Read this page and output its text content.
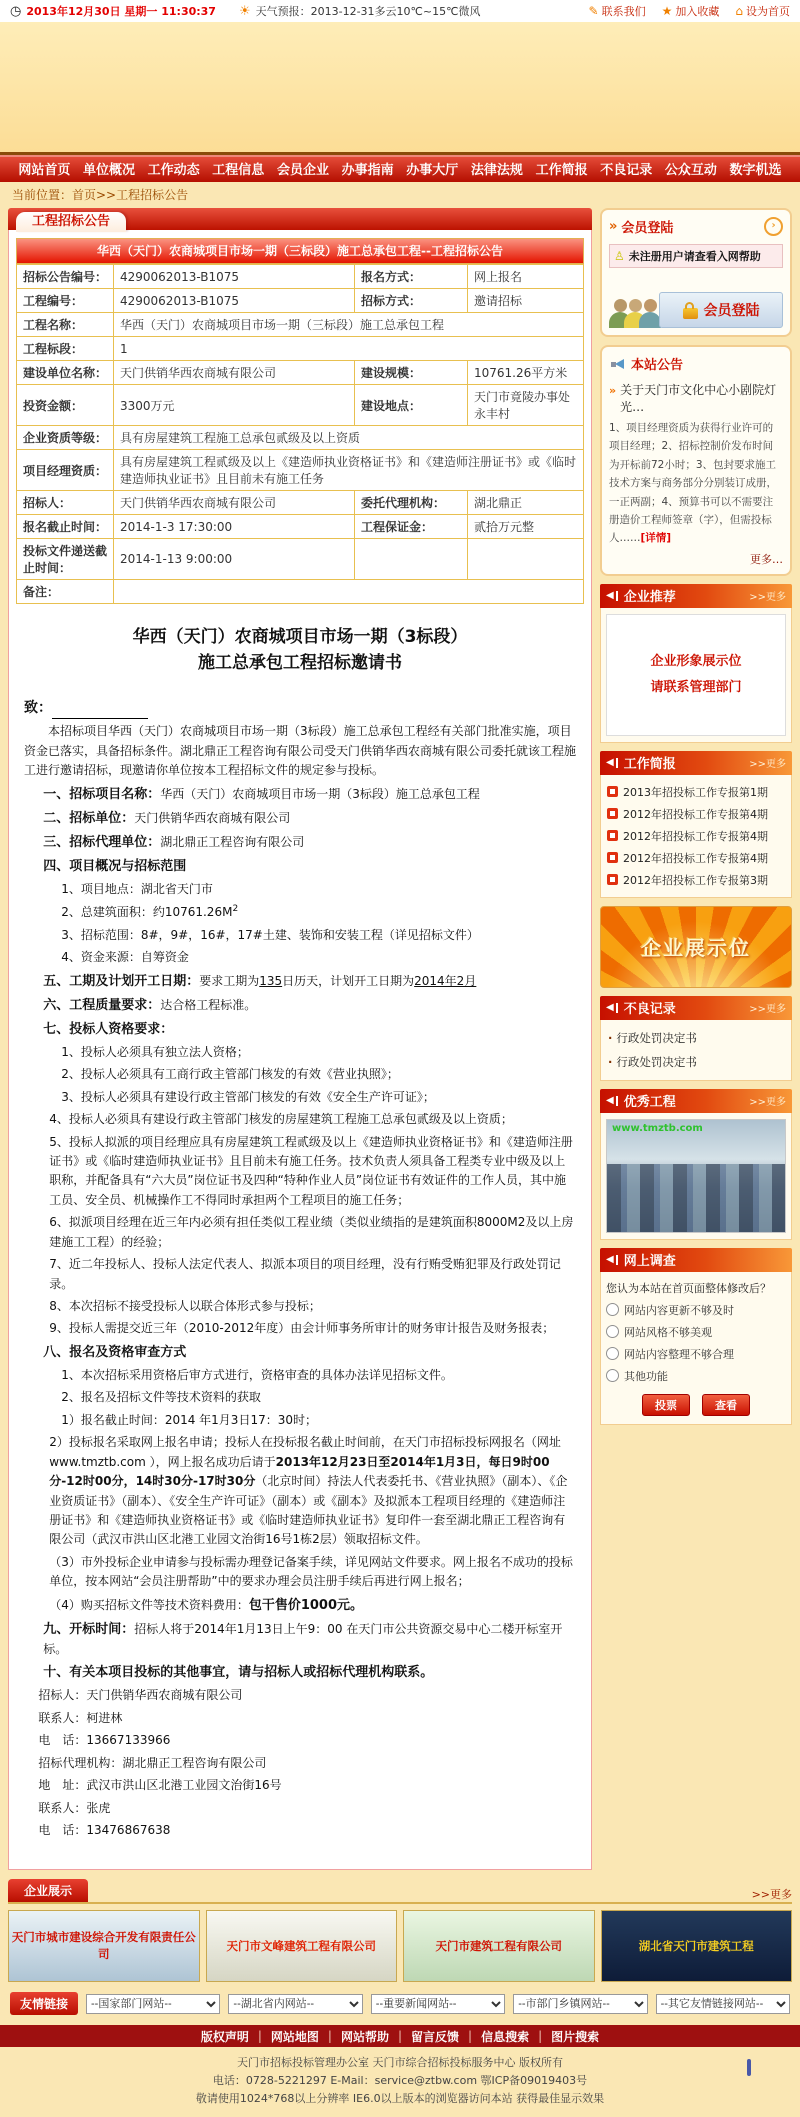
◷ 2013年12月30日 星期一 11:30:37 ☀ 天气预报：2013-12-31多云10℃~15℃微风	✎ 联系我们 ★ 加入收藏 ⌂ 设为首页
网站首页 单位概况 工作动态 工程信息 会员企业 办事指南 办事大厅 法律法规 工作简报 不良记录 公众互动 数字机选
当前位置：首页>>工程招标公告
工程招标公告
华西（天门）农商城项目市场一期（三标段）施工总承包工程--工程招标公告
招标公告编号：	4290062013-B1075	报名方式：	网上报名
工程编号：	4290062013-B1075	招标方式：	邀请招标
工程名称：	华西（天门）农商城项目市场一期（三标段）施工总承包工程		
工程标段：	1		
建设单位名称：	天门供销华西农商城有限公司	建设规模：	10761.26平方米
投资金额：	3300万元	建设地点：	天门市竟陵办事处永丰村
企业资质等级：	具有房屋建筑工程施工总承包贰级及以上资质		
项目经理资质：	具有房屋建筑工程贰级及以上《建造师执业资格证书》和《建造师注册证书》或《临时建造师执业证书》且目前未有施工任务		
招标人：	天门供销华西农商城有限公司	委托代理机构：	湖北鼎正
报名截止时间：	2014-1-3 17:30:00	工程保证金：	贰拾万元整
投标文件递送截止时间：	2014-1-13 9:00:00		
备注：			
华西（天门）农商城项目市场一期（3标段）
施工总承包工程招标邀请书

致：

本招标项目华西（天门）农商城项目市场一期（3标段）施工总承包工程经有关部门批准实施，项目资金已落实，具备招标条件。湖北鼎正工程咨询有限公司受天门供销华西农商城有限公司委托就该工程施工进行邀请招标，现邀请你单位按本工程招标文件的规定参与投标。

一、招标项目名称：华西（天门）农商城项目市场一期（3标段）施工总承包工程

二、招标单位：天门供销华西农商城有限公司

三、招标代理单位：湖北鼎正工程咨询有限公司

四、项目概况与招标范围

1、项目地点：湖北省天门市

2、总建筑面积：约$10761.26M^2$

3、招标范围：8#，9#，16#，17#土建、装饰和安装工程（详见招标文件）

4、资金来源：自筹资金

五、工期及计划开工日期：要求工期为135日历天，计划开工日期为2014年2月

六、工程质量要求：达合格工程标准。

七、投标人资格要求：

1、投标人必须具有独立法人资格；

2、投标人必须具有工商行政主管部门核发的有效《营业执照》；

3、投标人必须具有建设行政主管部门核发的有效《安全生产许可证》；

4、投标人必须具有建设行政主管部门核发的房屋建筑工程施工总承包贰级及以上资质；

5、投标人拟派的项目经理应具有房屋建筑工程贰级及以上《建造师执业资格证书》和《建造师注册证书》或《临时建造师执业证书》且目前未有施工任务。技术负责人须具备工程类专业中级及以上职称，并配备具有“六大员”岗位证书及四种“特种作业人员”岗位证书有效证件的工作人员，其中施工员、安全员、机械操作工不得同时承担两个工程项目的施工任务；

6、拟派项目经理在近三年内必须有担任类似工程业绩（类似业绩指的是建筑面积8000M2及以上房建施工工程）的经验；

7、近二年投标人、投标人法定代表人、拟派本项目的项目经理，没有行贿受贿犯罪及行政处罚记录。

8、本次招标不接受投标人以联合体形式参与投标；

9、投标人需提交近三年（2010-2012年度）由会计师事务所审计的财务审计报告及财务报表；

八、报名及资格审查方式

1、本次招标采用资格后审方式进行，资格审查的具体办法详见招标文件。

2、报名及招标文件等技术资料的获取

1）报名截止时间：2014 年1月3日17：30时；

2）投标报名采取网上报名申请；投标人在投标报名截止时间前，在天门市招标投标网报名（网址 www.tmztb.com ），网上报名成功后请于2013年12月23日至2014年1月3日，每日9时00分-12时00分，14时30分-17时30分（北京时间）持法人代表委托书、《营业执照》（副本）、《企业资质证书》（副本）、《安全生产许可证》（副本）或《副本》及拟派本工程项目经理的《建造师注册证书》和《建造师执业资格证书》或《临时建造师执业证书》复印件一套至湖北鼎正工程咨询有限公司（武汉市洪山区北港工业园文治街16号1栋2层）领取招标文件。

（3）市外投标企业申请参与投标需办理登记备案手续，详见网站文件要求。网上报名不成功的投标单位，按本网站“会员注册帮助”中的要求办理会员注册手续后再进行网上报名；

（4）购买招标文件等技术资料费用：包干售价1000元。

九、开标时间：招标人将于2014年1月13日上午9：00 在天门市公共资源交易中心二楼开标室开标。

十、有关本项目投标的其他事宜，请与招标人或招标代理机构联系。

招标人：天门供销华西农商城有限公司

联系人：柯进林

电　话：13667133966

招标代理机构：湖北鼎正工程咨询有限公司

地　址：武汉市洪山区北港工业园文治街16号

联系人：张虎

电　话：13476867638

» 会员登陆	›
♙ 未注册用户请查看入网帮助
会员登陆
本站公告
» 关于天门市文化中心小剧院灯光…
1、项目经理资质为获得行业许可的项目经理；2、招标控制价发布时间为开标前72小时；3、包封要求施工技术方案与商务部分分别装订成册，一正两副；4、预算书可以不需要注册造价工程师签章（字），但需投标人……[详情]
更多…
◀ 企业推荐	>>更多
企业形象展示位
请联系管理部门
◀ 工作简报	>>更多
2013年招投标工作专报第1期
2012年招投标工作专报第4期
2012年招投标工作专报第4期
2012年招投标工作专报第4期
2012年招投标工作专报第3期
企业展示位
◀ 不良记录	>>更多
· 行政处罚决定书
· 行政处罚决定书
◀ 优秀工程	>>更多
www.tmztb.com
◀ 网上调查
您认为本站在首页面整体修改后？
网站内容更新不够及时
网站风格不够美观
网站内容整理不够合理
其他功能
投票	查看
企业展示	>>更多
天门市城市建设综合开发有限责任公司
天门市文峰建筑工程有限公司	天门市建筑工程有限公司	湖北省天门市建筑工程
友情链接
--国家部门网站--
--湖北省内网站--
--重要新闻网站--
--市部门乡镇网站--
--其它友情链接网站--
版权声明 | 网站地图 | 网站帮助 | 留言反馈 | 信息搜索 | 图片搜索
天门市招标投标管理办公室 天门市综合招标投标服务中心 版权所有
电话：0728-5221297 E-Mail：service@ztbw.com 鄂ICP备09019403号
敬请使用1024*768以上分辨率 IE6.0以上版本的浏览器访问本站 获得最佳显示效果
